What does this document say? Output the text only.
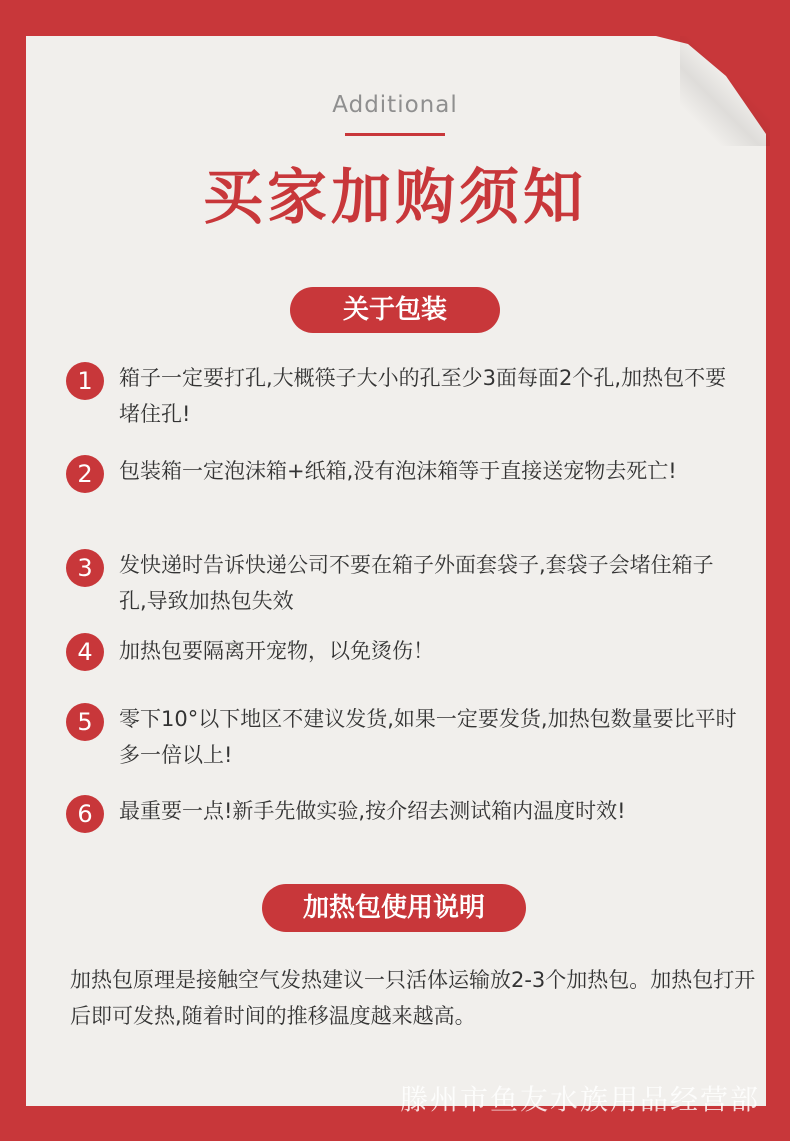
Additional
买家加购须知
关于包装
1	箱子一定要打孔,大概筷子大小的孔至少3面每面2个孔,加热包不要堵住孔!
2	包装箱一定泡沫箱+纸箱,没有泡沫箱等于直接送宠物去死亡!
3	发快递时告诉快递公司不要在箱子外面套袋子,套袋子会堵住箱子孔,导致加热包失效
4	加热包要隔离开宠物，以免烫伤！
5	零下10°以下地区不建议发货,如果一定要发货,加热包数量要比平时多一倍以上!
6	最重要一点!新手先做实验,按介绍去测试箱内温度时效!
加热包使用说明
加热包原理是接触空气发热建议一只活体运输放2-3个加热包。加热包打开后即可发热,随着时间的推移温度越来越高。
滕州市鱼友水族用品经营部
